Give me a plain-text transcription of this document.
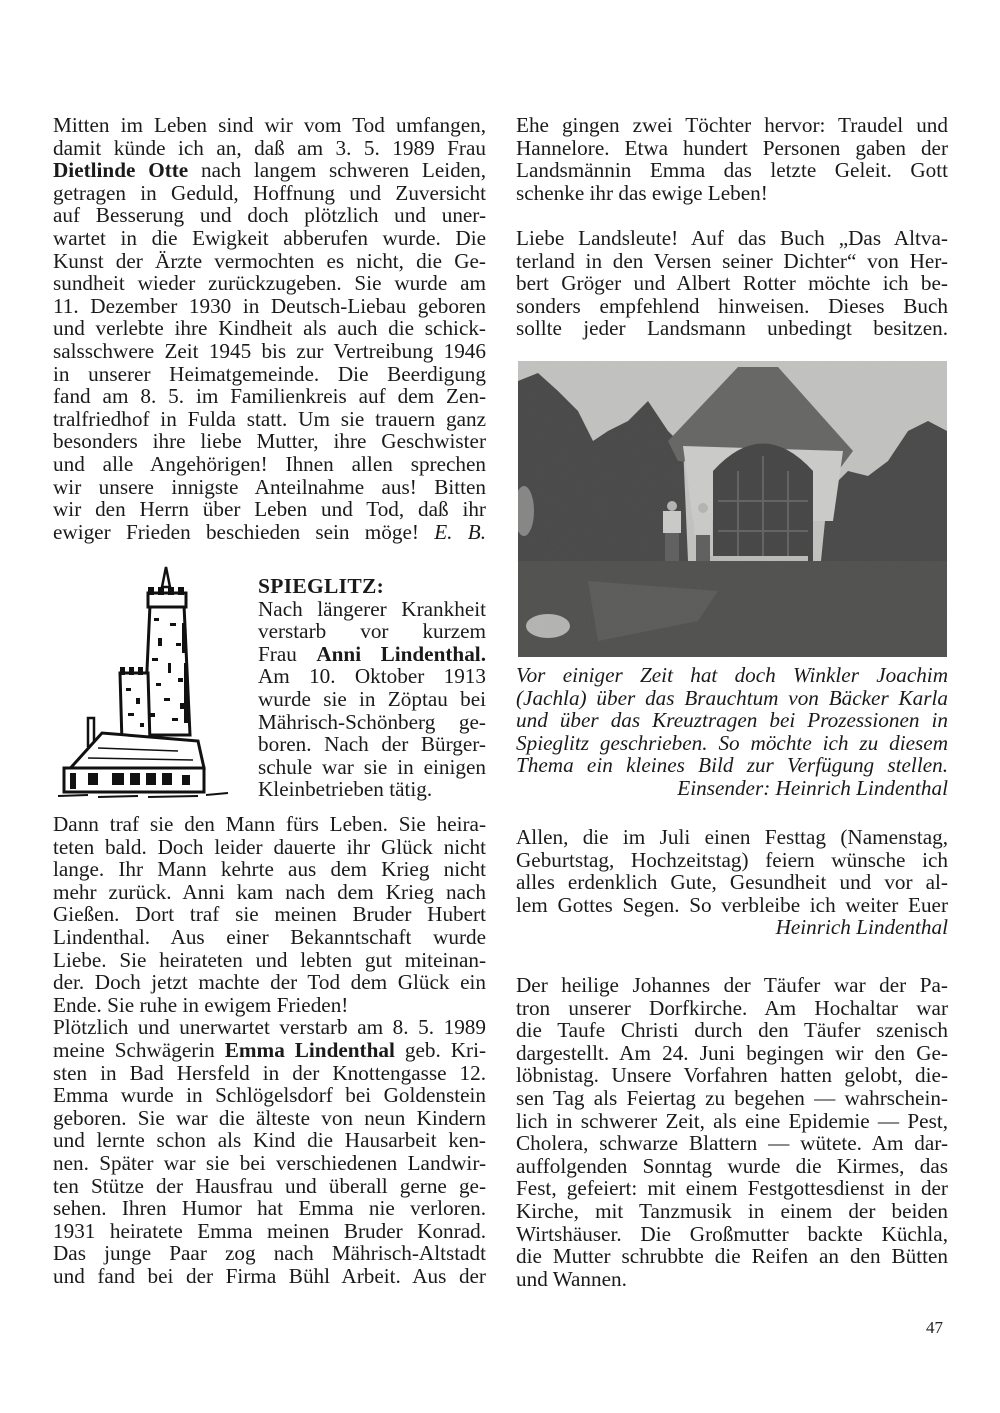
Mitten im Leben sind wir vom Tod umfangen,
damit künde ich an, daß am 3. 5. 1989 Frau
Dietlinde Otte nach langem schweren Leiden,
getragen in Geduld, Hoffnung und Zuversicht
auf Besserung und doch plötzlich und uner-
wartet in die Ewigkeit abberufen wurde. Die
Kunst der Ärzte vermochten es nicht, die Ge-
sundheit wieder zurückzugeben. Sie wurde am
11. Dezember 1930 in Deutsch-Liebau geboren
und verlebte ihre Kindheit als auch die schick-
salsschwere Zeit 1945 bis zur Vertreibung 1946
in unserer Heimatgemeinde. Die Beerdigung
fand am 8. 5. im Familienkreis auf dem Zen-
tralfriedhof in Fulda statt. Um sie trauern ganz
besonders ihre liebe Mutter, ihre Geschwister
und alle Angehörigen! Ihnen allen sprechen
wir unsere innigste Anteilnahme aus! Bitten
wir den Herrn über Leben und Tod, daß ihr
ewiger Frieden beschieden sein möge! E. B.
SPIEGLITZ:
Nach längerer Krankheit
verstarb vor kurzem
Frau Anni Lindenthal.
Am 10. Oktober 1913
wurde sie in Zöptau bei
Mährisch-Schönberg ge-
boren. Nach der Bürger-
schule war sie in einigen
Kleinbetrieben tätig.
Dann traf sie den Mann fürs Leben. Sie heira-
teten bald. Doch leider dauerte ihr Glück nicht
lange. Ihr Mann kehrte aus dem Krieg nicht
mehr zurück. Anni kam nach dem Krieg nach
Gießen. Dort traf sie meinen Bruder Hubert
Lindenthal. Aus einer Bekanntschaft wurde
Liebe. Sie heirateten und lebten gut miteinan-
der. Doch jetzt machte der Tod dem Glück ein
Ende. Sie ruhe in ewigem Frieden!
Plötzlich und unerwartet verstarb am 8. 5. 1989
meine Schwägerin Emma Lindenthal geb. Kri-
sten in Bad Hersfeld in der Knottengasse 12.
Emma wurde in Schlögelsdorf bei Goldenstein
geboren. Sie war die älteste von neun Kindern
und lernte schon als Kind die Hausarbeit ken-
nen. Später war sie bei verschiedenen Landwir-
ten Stütze der Hausfrau und überall gerne ge-
sehen. Ihren Humor hat Emma nie verloren.
1931 heiratete Emma meinen Bruder Konrad.
Das junge Paar zog nach Mährisch-Altstadt
und fand bei der Firma Bühl Arbeit. Aus der
Ehe gingen zwei Töchter hervor: Traudel und
Hannelore. Etwa hundert Personen gaben der
Landsmännin Emma das letzte Geleit. Gott
schenke ihr das ewige Leben!
Liebe Landsleute! Auf das Buch „Das Altva-
terland in den Versen seiner Dichter“ von Her-
bert Gröger und Albert Rotter möchte ich be-
sonders empfehlend hinweisen. Dieses Buch
sollte jeder Landsmann unbedingt besitzen.
Vor einiger Zeit hat doch Winkler Joachim
(Jachla) über das Brauchtum von Bäcker Karla
und über das Kreuztragen bei Prozessionen in
Spieglitz geschrieben. So möchte ich zu diesem
Thema ein kleines Bild zur Verfügung stellen.
Einsender: Heinrich Lindenthal
Allen, die im Juli einen Festtag (Namenstag,
Geburtstag, Hochzeitstag) feiern wünsche ich
alles erdenklich Gute, Gesundheit und vor al-
lem Gottes Segen. So verbleibe ich weiter Euer
Heinrich Lindenthal
Der heilige Johannes der Täufer war der Pa-
tron unserer Dorfkirche. Am Hochaltar war
die Taufe Christi durch den Täufer szenisch
dargestellt. Am 24. Juni begingen wir den Ge-
löbnistag. Unsere Vorfahren hatten gelobt, die-
sen Tag als Feiertag zu begehen — wahrschein-
lich in schwerer Zeit, als eine Epidemie — Pest,
Cholera, schwarze Blattern — wütete. Am dar-
auffolgenden Sonntag wurde die Kirmes, das
Fest, gefeiert: mit einem Festgottesdienst in der
Kirche, mit Tanzmusik in einem der beiden
Wirtshäuser. Die Großmutter backte Küchla,
die Mutter schrubbte die Reifen an den Bütten
und Wannen.
47
